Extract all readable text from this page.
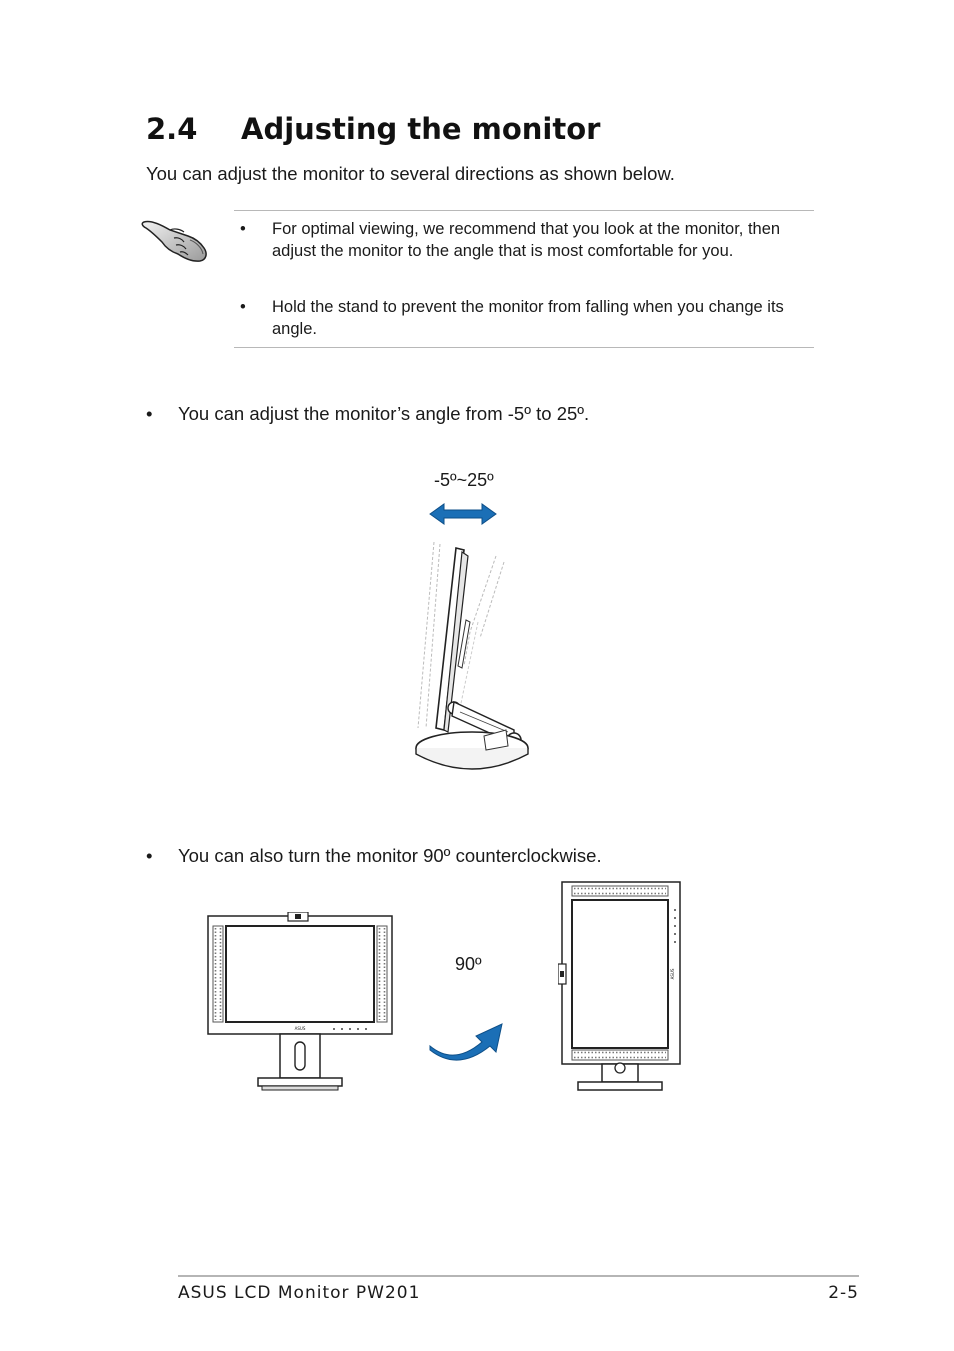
2.4 Adjusting the monitor
You can adjust the monitor to several directions as shown below.
• For optimal viewing, we recommend that you look at the monitor, then adjust the monitor to the angle that is most comfortable for you.
• Hold the stand to prevent the monitor from falling when you change its angle.
• You can adjust the monitor’s angle from -5º to 25º.
-5º~25º
• You can also turn the monitor 90º counterclockwise.
ASUS
90º	ASUS
ASUS LCD Monitor PW201	2-5
